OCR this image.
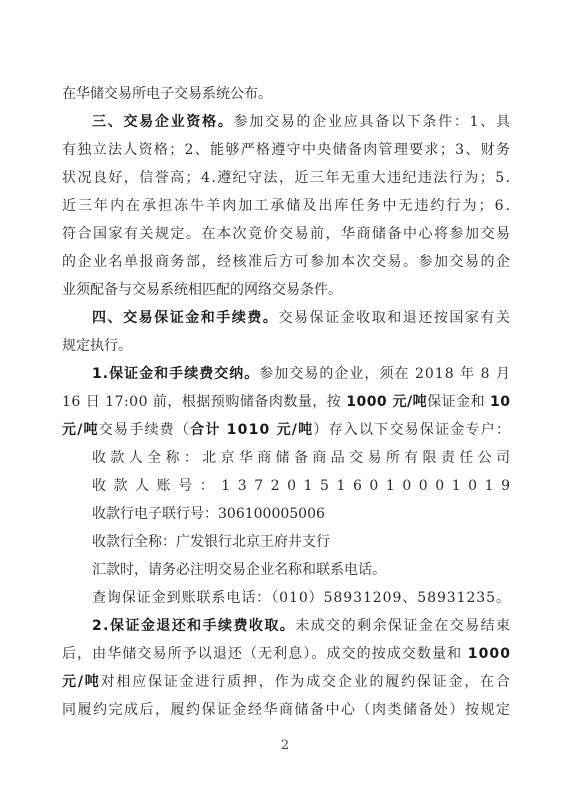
在华储交易所电子交易系统公布。
三、交易企业资格。参加交易的企业应具备以下条件：1、具
有独立法人资格；2、能够严格遵守中央储备肉管理要求；3、财务
状况良好，信誉高；4.遵纪守法，近三年无重大违纪违法行为；5.
近三年内在承担冻牛羊肉加工承储及出库任务中无违约行为；6.
符合国家有关规定。在本次竞价交易前，华商储备中心将参加交易
的企业名单报商务部，经核准后方可参加本次交易。参加交易的企
业须配备与交易系统相匹配的网络交易条件。
四、交易保证金和手续费。交易保证金收取和退还按国家有关
规定执行。
1.保证金和手续费交纳。参加交易的企业，须在 2018 年 8 月
16 日 17:00 前，根据预购储备肉数量，按 1000 元/吨保证金和 10
元/吨交易手续费（合计 1010 元/吨）存入以下交易保证金专户：
收款人全称：北京华商储备商品交易所有限责任公司
收款人账号：137201516010001019
收款行电子联行号：306100005006
收款行全称：广发银行北京王府井支行
汇款时，请务必注明交易企业名称和联系电话。
查询保证金到账联系电话：（010）58931209、58931235。
2.保证金退还和手续费收取。未成交的剩余保证金在交易结束
后，由华储交易所予以退还（无利息）。成交的按成交数量和 1000
元/吨对相应保证金进行质押，作为成交企业的履约保证金，在合
同履约完成后，履约保证金经华商储备中心（肉类储备处）按规定
2
